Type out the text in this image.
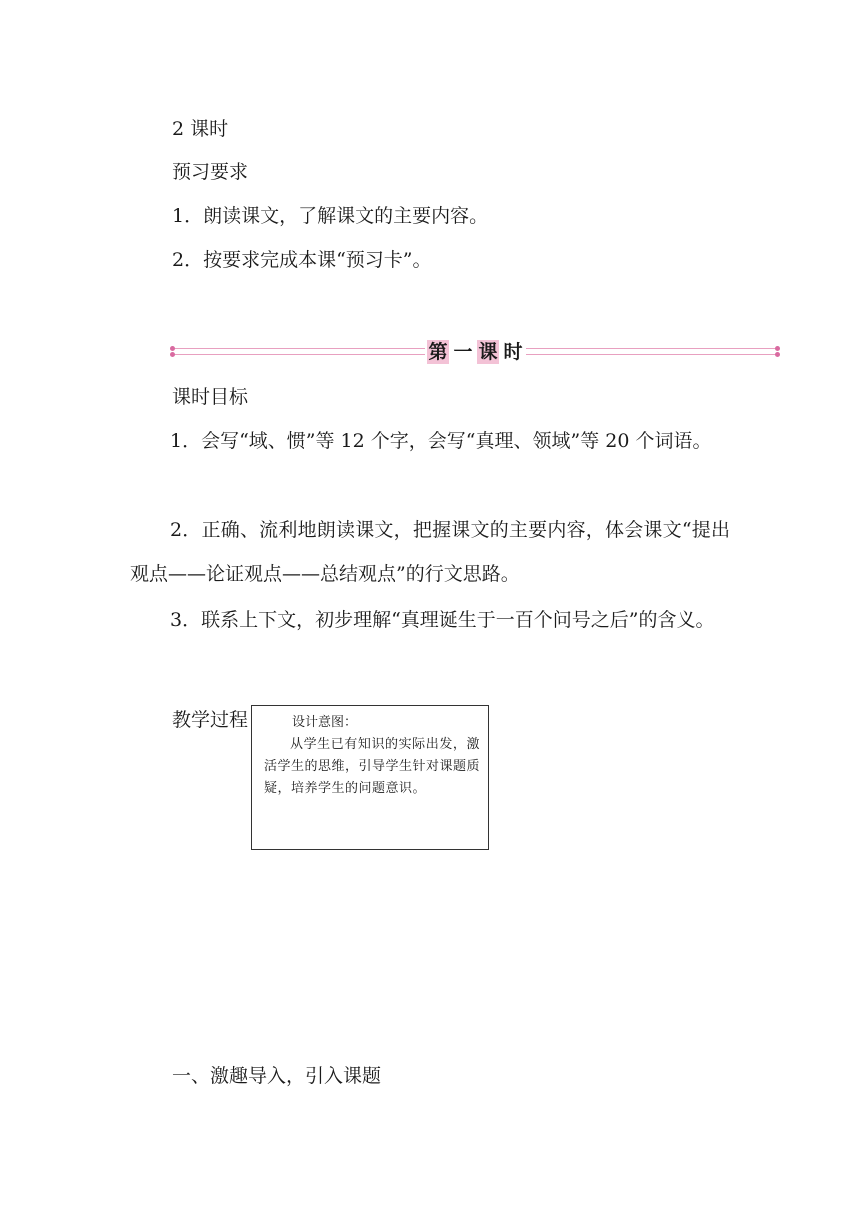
2 课时
预习要求
1．朗读课文，了解课文的主要内容。
2．按要求完成本课“预习卡”。
第 一 课 时
课时目标
1．会写“域、惯”等 12 个字，会写“真理、领域”等 20 个词语。
2．正确、流利地朗读课文，把握课文的主要内容，体会课文“提出观点——论证观点——总结观点”的行文思路。
3．联系上下文，初步理解“真理诞生于一百个问号之后”的含义。
教学过程	设计意图：
从学生已有知识的实际出发，激活学生的思维，引导学生针对课题质疑，培养学生的问题意识。
一、激趣导入，引入课题
